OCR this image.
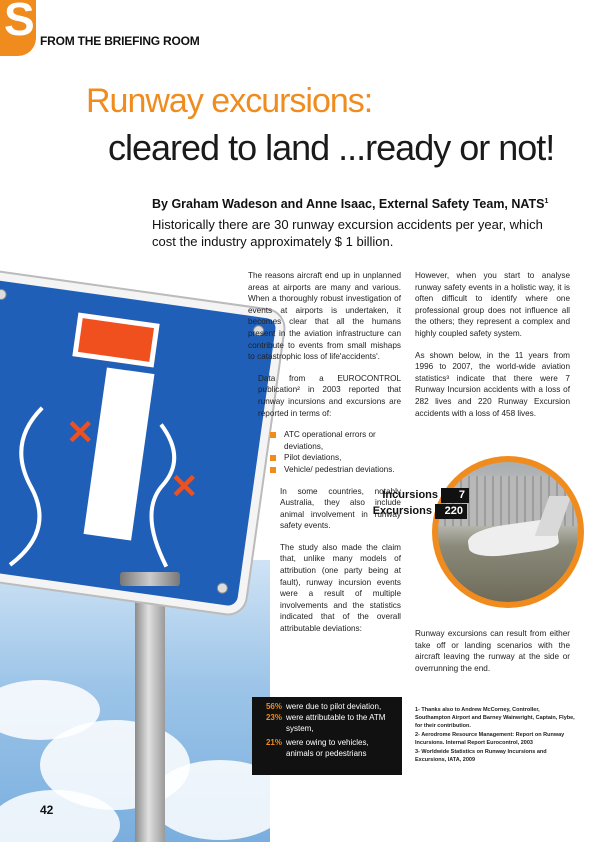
S FROM THE BRIEFING ROOM
Runway excursions:
cleared to land ...ready or not!
By Graham Wadeson and Anne Isaac, External Safety Team, NATS$^1$
Historically there are 30 runway excursion accidents per year, which cost the industry approximately $ 1 billion.
✕
✕

The reasons aircraft end up in unplanned areas at airports are many and various. When a thoroughly robust investigation of events at airports is undertaken, it becomes clear that all the humans present in the aviation infrastructure can contribute to events from small mishaps to catastrophic loss of life'accidents'.

Data from a EUROCONTROL publication² in 2003 reported that runway incursions and excursions are reported in terms of:

ATC operational errors or deviations,
Pilot deviations,
Vehicle/ pedestrian deviations.

In some countries, notably Australia, they also include animal involvement in runway safety events.

The study also made the claim that, unlike many models of attribution (one party being at fault), runway incursion events were a result of multiple involvements and the statistics indicated that of the overall attributable deviations:

56% were due to pilot deviation,
23% were attributable to the ATM system,
21% were owing to vehicles, animals or pedestrians

However, when you start to analyse runway safety events in a holistic way, it is often difficult to identify where one professional group does not influence all the others; they represent a complex and highly coupled safety system.

As shown below, in the 11 years from 1996 to 2007, the world-wide aviation statistics³ indicate that there were 7 Runway Incursion accidents with a loss of 282 lives and 220 Runway Excursion accidents with a loss of 458 lives.

Runway excursions can result from either take off or landing scenarios with the aircraft leaving the runway at the side or overrunning the end.

Incursions	7
Excursions	220

1- Thanks also to Andrew McCorney, Controller, Southampton Airport and Barney Wainwright, Captain, Flybe, for their contribution.

2- Aerodrome Resource Management: Report on Runway Incursions. Internal Report Eurocontrol, 2003

3- Worldwide Statistics on Runway Incursions and Excursions, IATA, 2009

42
